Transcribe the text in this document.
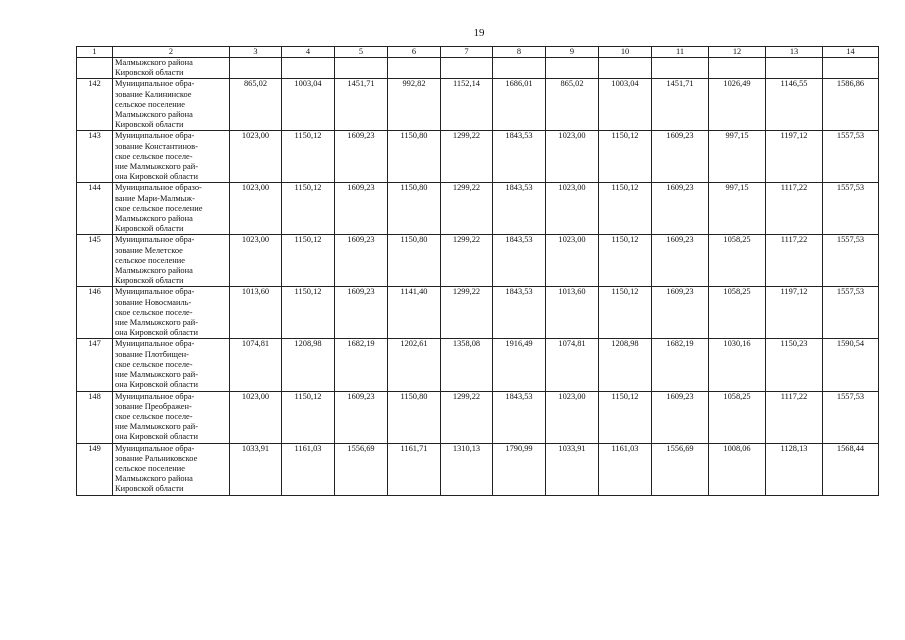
19
1	2	3	4	5	6	7	8	9	10	11	12	13	14

	Малмыжского района
Кировской области												

142	Муниципальное обра-
зование Калининское
сельское поселение
Малмыжского района
Кировской области	865,02	1003,04	1451,71	992,82	1152,14	1686,01	865,02	1003,04	1451,71	1026,49	1146,55	1586,86
143	Муниципальное обра-
зование Константинов-
ское сельское поселе-
ние Малмыжского рай-
она Кировской области	1023,00	1150,12	1609,23	1150,80	1299,22	1843,53	1023,00	1150,12	1609,23	997,15	1197,12	1557,53
144	Муниципальное образо-
вание Мари-Малмыж-
ское сельское поселение
Малмыжского района
Кировской области	1023,00	1150,12	1609,23	1150,80	1299,22	1843,53	1023,00	1150,12	1609,23	997,15	1117,22	1557,53
145	Муниципальное обра-
зование Мелетское
сельское поселение
Малмыжского района
Кировской области	1023,00	1150,12	1609,23	1150,80	1299,22	1843,53	1023,00	1150,12	1609,23	1058,25	1117,22	1557,53
146	Муниципальное обра-
зование Новосмаиль-
ское сельское поселе-
ние Малмыжского рай-
она Кировской области	1013,60	1150,12	1609,23	1141,40	1299,22	1843,53	1013,60	1150,12	1609,23	1058,25	1197,12	1557,53
147	Муниципальное обра-
зование Плотбищен-
ское сельское поселе-
ние Малмыжского рай-
она Кировской области	1074,81	1208,98	1682,19	1202,61	1358,08	1916,49	1074,81	1208,98	1682,19	1030,16	1150,23	1590,54
148	Муниципальное обра-
зование Преображен-
ское сельское поселе-
ние Малмыжского рай-
она Кировской области	1023,00	1150,12	1609,23	1150,80	1299,22	1843,53	1023,00	1150,12	1609,23	1058,25	1117,22	1557,53
149	Муниципальное обра-
зование Ральниковское
сельское поселение
Малмыжского района
Кировской области	1033,91	1161,03	1556,69	1161,71	1310,13	1790,99	1033,91	1161,03	1556,69	1008,06	1128,13	1568,44
